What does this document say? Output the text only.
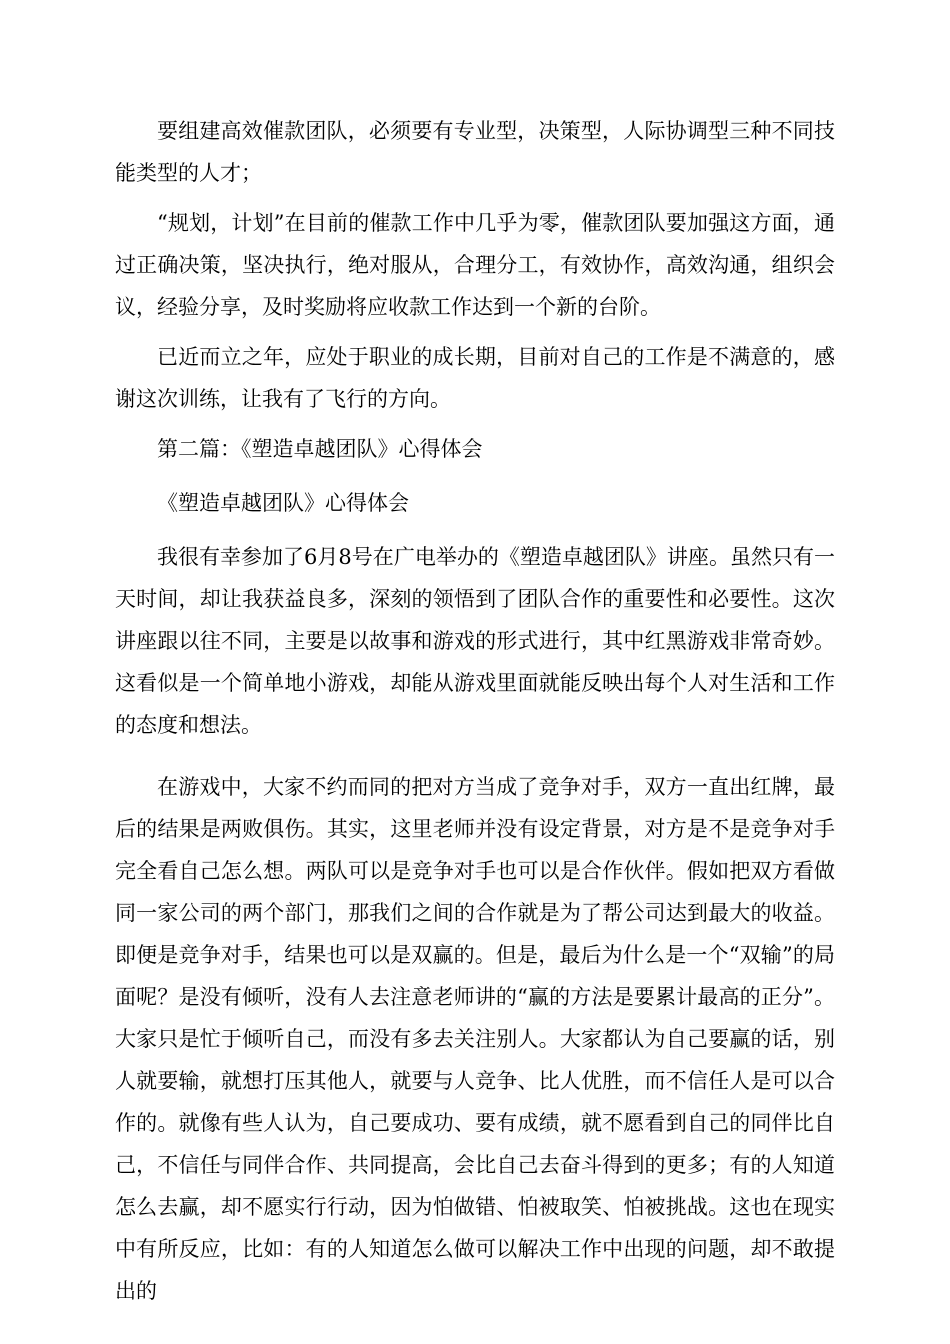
要组建高效催款团队，必须要有专业型，决策型，人际协调型三种不同技能类型的人才；

“规划，计划”在目前的催款工作中几乎为零，催款团队要加强这方面，通过正确决策，坚决执行，绝对服从，合理分工，有效协作，高效沟通，组织会议，经验分享，及时奖励将应收款工作达到一个新的台阶。

已近而立之年，应处于职业的成长期，目前对自己的工作是不满意的，感谢这次训练，让我有了飞行的方向。

第二篇：《塑造卓越团队》心得体会

《塑造卓越团队》心得体会

我很有幸参加了6月8号在广电举办的《塑造卓越团队》讲座。虽然只有一天时间，却让我获益良多，深刻的领悟到了团队合作的重要性和必要性。这次讲座跟以往不同，主要是以故事和游戏的形式进行，其中红黑游戏非常奇妙。这看似是一个简单地小游戏，却能从游戏里面就能反映出每个人对生活和工作的态度和想法。

在游戏中，大家不约而同的把对方当成了竞争对手，双方一直出红牌，最后的结果是两败俱伤。其实，这里老师并没有设定背景，对方是不是竞争对手完全看自己怎么想。两队可以是竞争对手也可以是合作伙伴。假如把双方看做同一家公司的两个部门，那我们之间的合作就是为了帮公司达到最大的收益。即便是竞争对手，结果也可以是双赢的。但是，最后为什么是一个“双输”的局面呢？是没有倾听，没有人去注意老师讲的“赢的方法是要累计最高的正分”。大家只是忙于倾听自己，而没有多去关注别人。大家都认为自己要赢的话，别人就要输，就想打压其他人，就要与人竞争、比人优胜，而不信任人是可以合作的。就像有些人认为，自己要成功、要有成绩，就不愿看到自己的同伴比自己，不信任与同伴合作、共同提高，会比自己去奋斗得到的更多；有的人知道怎么去赢，却不愿实行行动，因为怕做错、怕被取笑、怕被挑战。这也在现实中有所反应，比如：有的人知道怎么做可以解决工作中出现的问题，却不敢提出的
